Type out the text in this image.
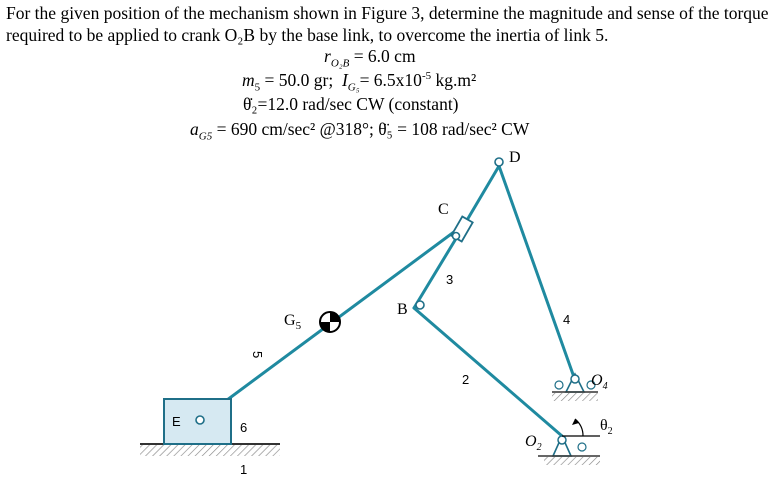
For the given position of the mechanism shown in Figure 3, determine the magnitude and sense of the torque required to be applied to crank O₂B by the base link, to overcome the inertia of link 5.
$r_{O_2B} = 6.0$ cm
$m_5 = 50.0$ gr; $I_{G_5}= 6.5x10^{-5}$ kg.m²
θ̇₂=12.0 rad/sec CW (constant)
$a_{G5} = 690$ cm/sec² @318°; θ̈₅ = 108 rad/sec² CW
D
C
B
$G_5$
E
$O_4$
$O_2$
$\theta_2$
1
2
3
4
5
6
